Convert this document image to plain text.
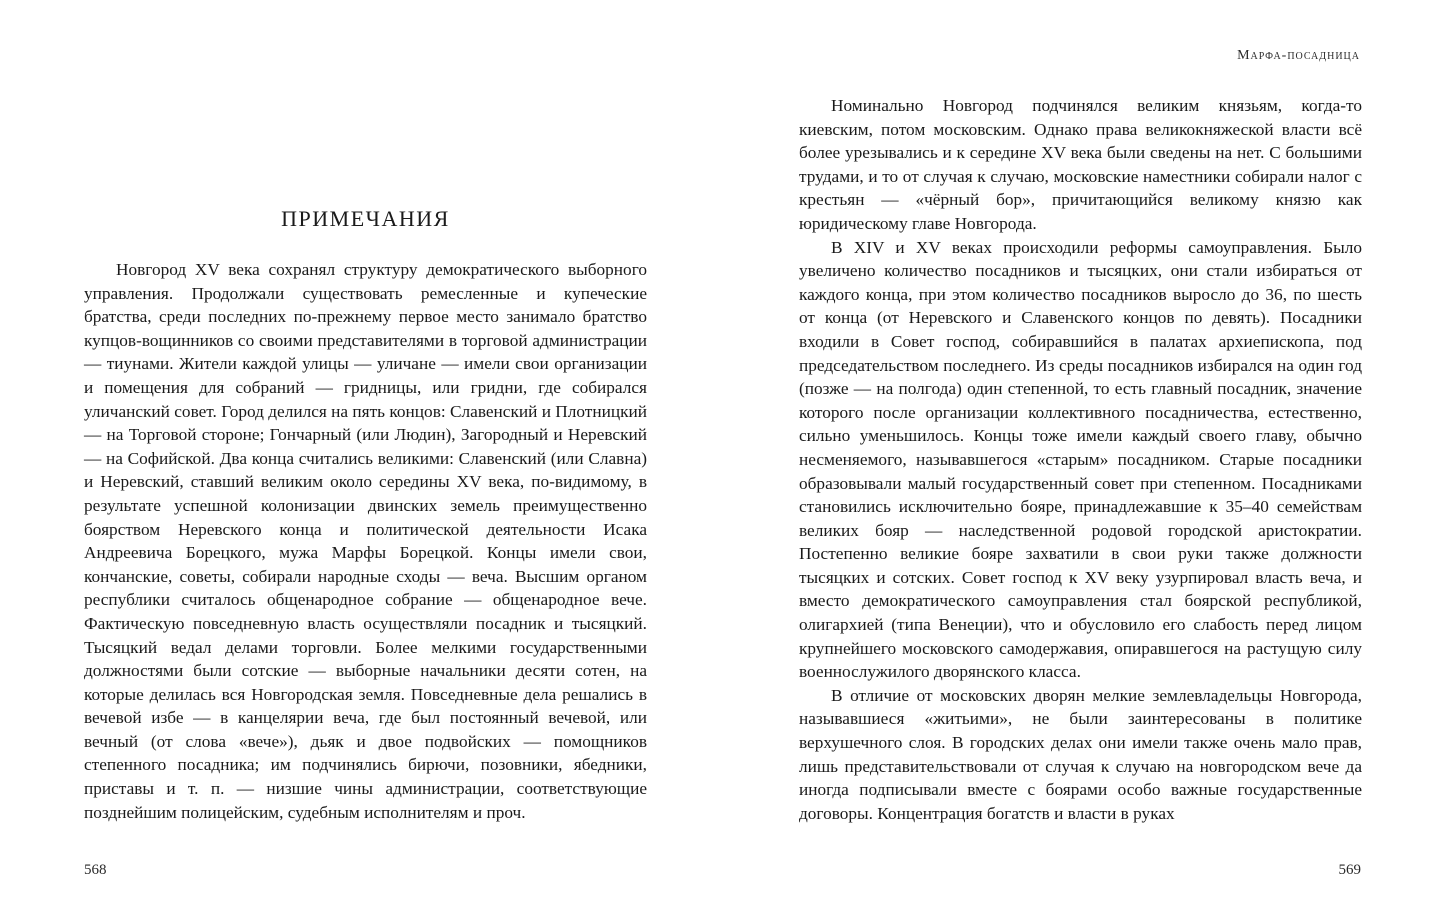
ПРИМЕЧАНИЯ

Новгород XV века сохранял структуру демократического выборного управления. Продолжали существовать ремесленные и купеческие братства, среди последних по-прежнему первое место занимало братство купцов-вощинников со своими представителями в торговой администрации — тиунами. Жители каждой улицы — уличане — имели свои организации и помещения для собраний — гридницы, или гридни, где собирался уличанский совет. Город делился на пять концов: Славенский и Плотницкий — на Торговой стороне; Гончарный (или Людин), Загородный и Неревский — на Софийской. Два конца считались великими: Славенский (или Славна) и Неревский, ставший великим около середины XV века, по-видимому, в результате успешной колонизации двинских земель преимущественно боярством Неревского конца и политической деятельности Исака Андреевича Борецкого, мужа Марфы Борецкой. Концы имели свои, кончанские, советы, собирали народные сходы — веча. Высшим органом республики считалось общенародное собрание — общенародное вече. Фактическую повседневную власть осуществляли посадник и тысяцкий. Тысяцкий ведал делами торговли. Более мелкими государственными должностями были сотские — выборные начальники десяти сотен, на которые делилась вся Новгородская земля. Повседневные дела решались в вечевой избе — в канцелярии веча, где был постоянный вечевой, или вечный (от слова «вече»), дьяк и двое подвойских — помощников степенного посадника; им подчинялись бирючи, позовники, ябедники, приставы и т. п. — низшие чины администрации, соответствующие позднейшим полицейским, судебным исполнителям и проч.

568
Марфа-посадница

Номинально Новгород подчинялся великим князьям, когда-то киевским, потом московским. Однако права великокняжеской власти всё более урезывались и к середине XV века были сведены на нет. С большими трудами, и то от случая к случаю, московские наместники собирали налог с крестьян — «чёрный бор», причитающийся великому князю как юридическому главе Новгорода.

В XIV и XV веках происходили реформы самоуправления. Было увеличено количество посадников и тысяцких, они стали избираться от каждого конца, при этом количество посадников выросло до 36, по шесть от конца (от Неревского и Славенского концов по девять). Посадники входили в Совет господ, собиравшийся в палатах архиепископа, под председательством последнего. Из среды посадников избирался на один год (позже — на полгода) один степенной, то есть главный посадник, значение которого после организации коллективного посадничества, естественно, сильно уменьшилось. Концы тоже имели каждый своего главу, обычно несменяемого, называвшегося «старым» посадником. Старые посадники образовывали малый государственный совет при степенном. Посадниками становились исключительно бояре, принадлежавшие к 35–40 семействам великих бояр — наследственной родовой городской аристократии. Постепенно великие бояре захватили в свои руки также должности тысяцких и сотских. Совет господ к XV веку узурпировал власть веча, и вместо демократического самоуправления стал боярской республикой, олигархией (типа Венеции), что и обусловило его слабость перед лицом крупнейшего московского самодержавия, опиравшегося на растущую силу военнослужилого дворянского класса.

В отличие от московских дворян мелкие землевладельцы Новгорода, называвшиеся «житьими», не были заинтересованы в политике верхушечного слоя. В городских делах они имели также очень мало прав, лишь представительствовали от случая к случаю на новгородском вече да иногда подписывали вместе с боярами особо важные государственные договоры. Концентрация богатств и власти в руках

569
